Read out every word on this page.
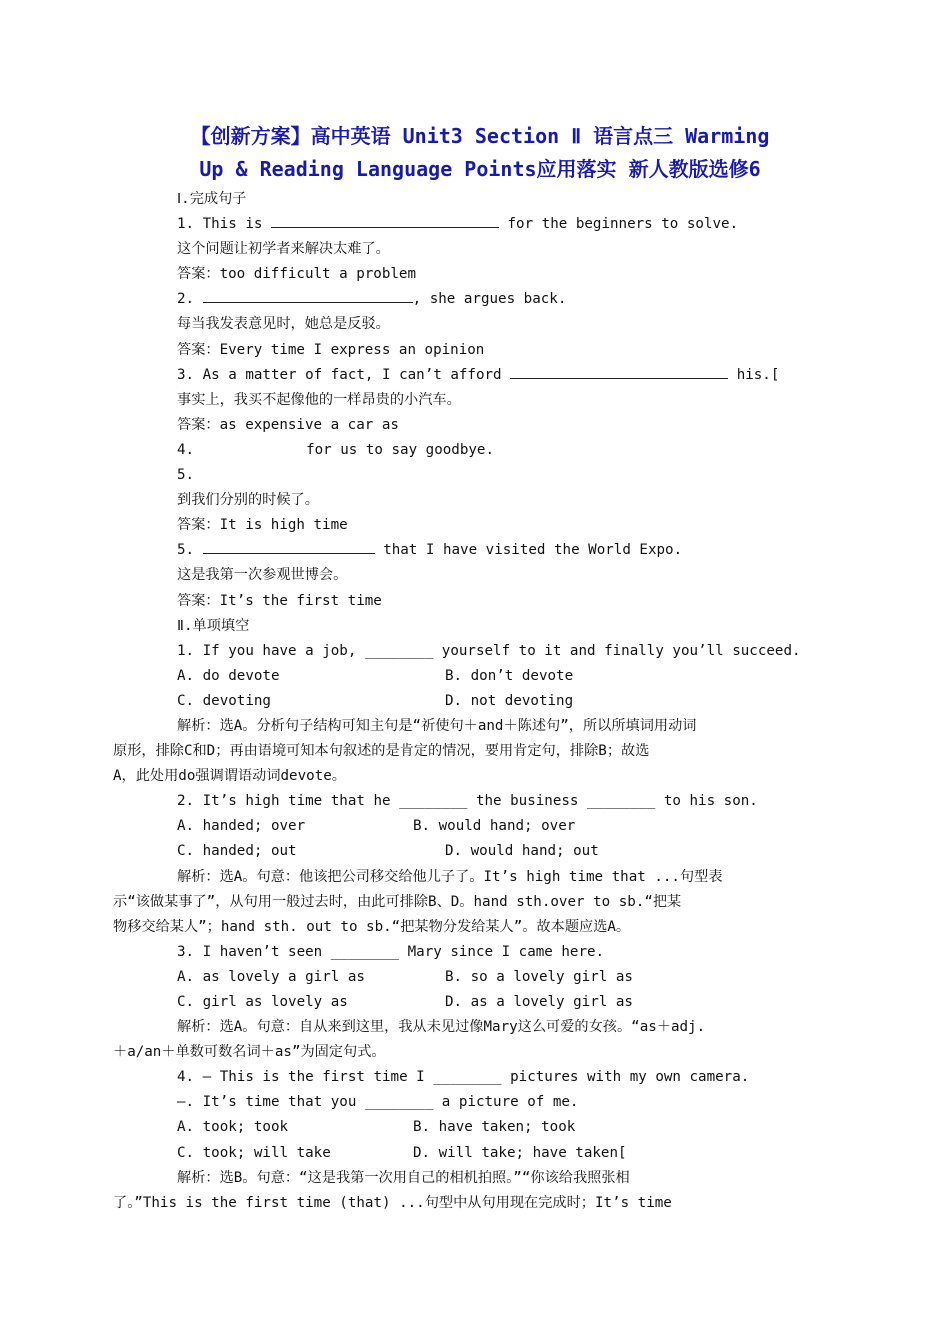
【创新方案】高中英语 Unit3 Section Ⅱ 语言点三 Warming
Up & Reading Language Points应用落实 新人教版选修6
Ⅰ.完成句子
1. This is	for the beginners to solve.
这个问题让初学者来解决太难了。
答案：too difficult a problem
2.	, she argues back.
每当我发表意见时，她总是反驳。
答案：Every time I express an opinion
3. As a matter of fact, I can’t afford	his.[
事实上，我买不起像他的一样昂贵的小汽车。
答案：as expensive a car as
4.	for us to say goodbye.
5.
到我们分别的时候了。
答案：It is high time
5.	that I have visited the World Expo.
这是我第一次参观世博会。
答案：It’s the first time
Ⅱ.单项填空
1. If you have a job, ________ yourself to it and finally you’ll succeed.
A. do devote	B. don’t devote
C. devoting	D. not devoting
解析：选A。分析句子结构可知主句是“祈使句＋and＋陈述句”，所以所填词用动词
原形，排除C和D；再由语境可知本句叙述的是肯定的情况，要用肯定句，排除B；故选
A，此处用do强调谓语动词devote。
2. It’s high time that he ________ the business ________ to his son.
A. handed; over	B. would hand; over
C. handed; out	D. would hand; out
解析：选A。句意：他该把公司移交给他儿子了。It’s high time that ...句型表
示“该做某事了”，从句用一般过去时，由此可排除B、D。hand sth.over to sb.“把某
物移交给某人”；hand sth. out to sb.“把某物分发给某人”。故本题应选A。
3. I haven’t seen ________ Mary since I came here.
A. as lovely a girl as	B. so a lovely girl as
C. girl as lovely as	D. as a lovely girl as
解析：选A。句意：自从来到这里，我从未见过像Mary这么可爱的女孩。“as＋adj.
＋a/an＋单数可数名词＋as”为固定句式。
4. — This is the first time I ________ pictures with my own camera.
—. It’s time that you ________ a picture of me.
A. took; took	B. have taken; took
C. took; will take	D. will take; have taken[
解析：选B。句意：“这是我第一次用自己的相机拍照。”“你该给我照张相
了。”This is the first time (that) ...句型中从句用现在完成时；It’s time
